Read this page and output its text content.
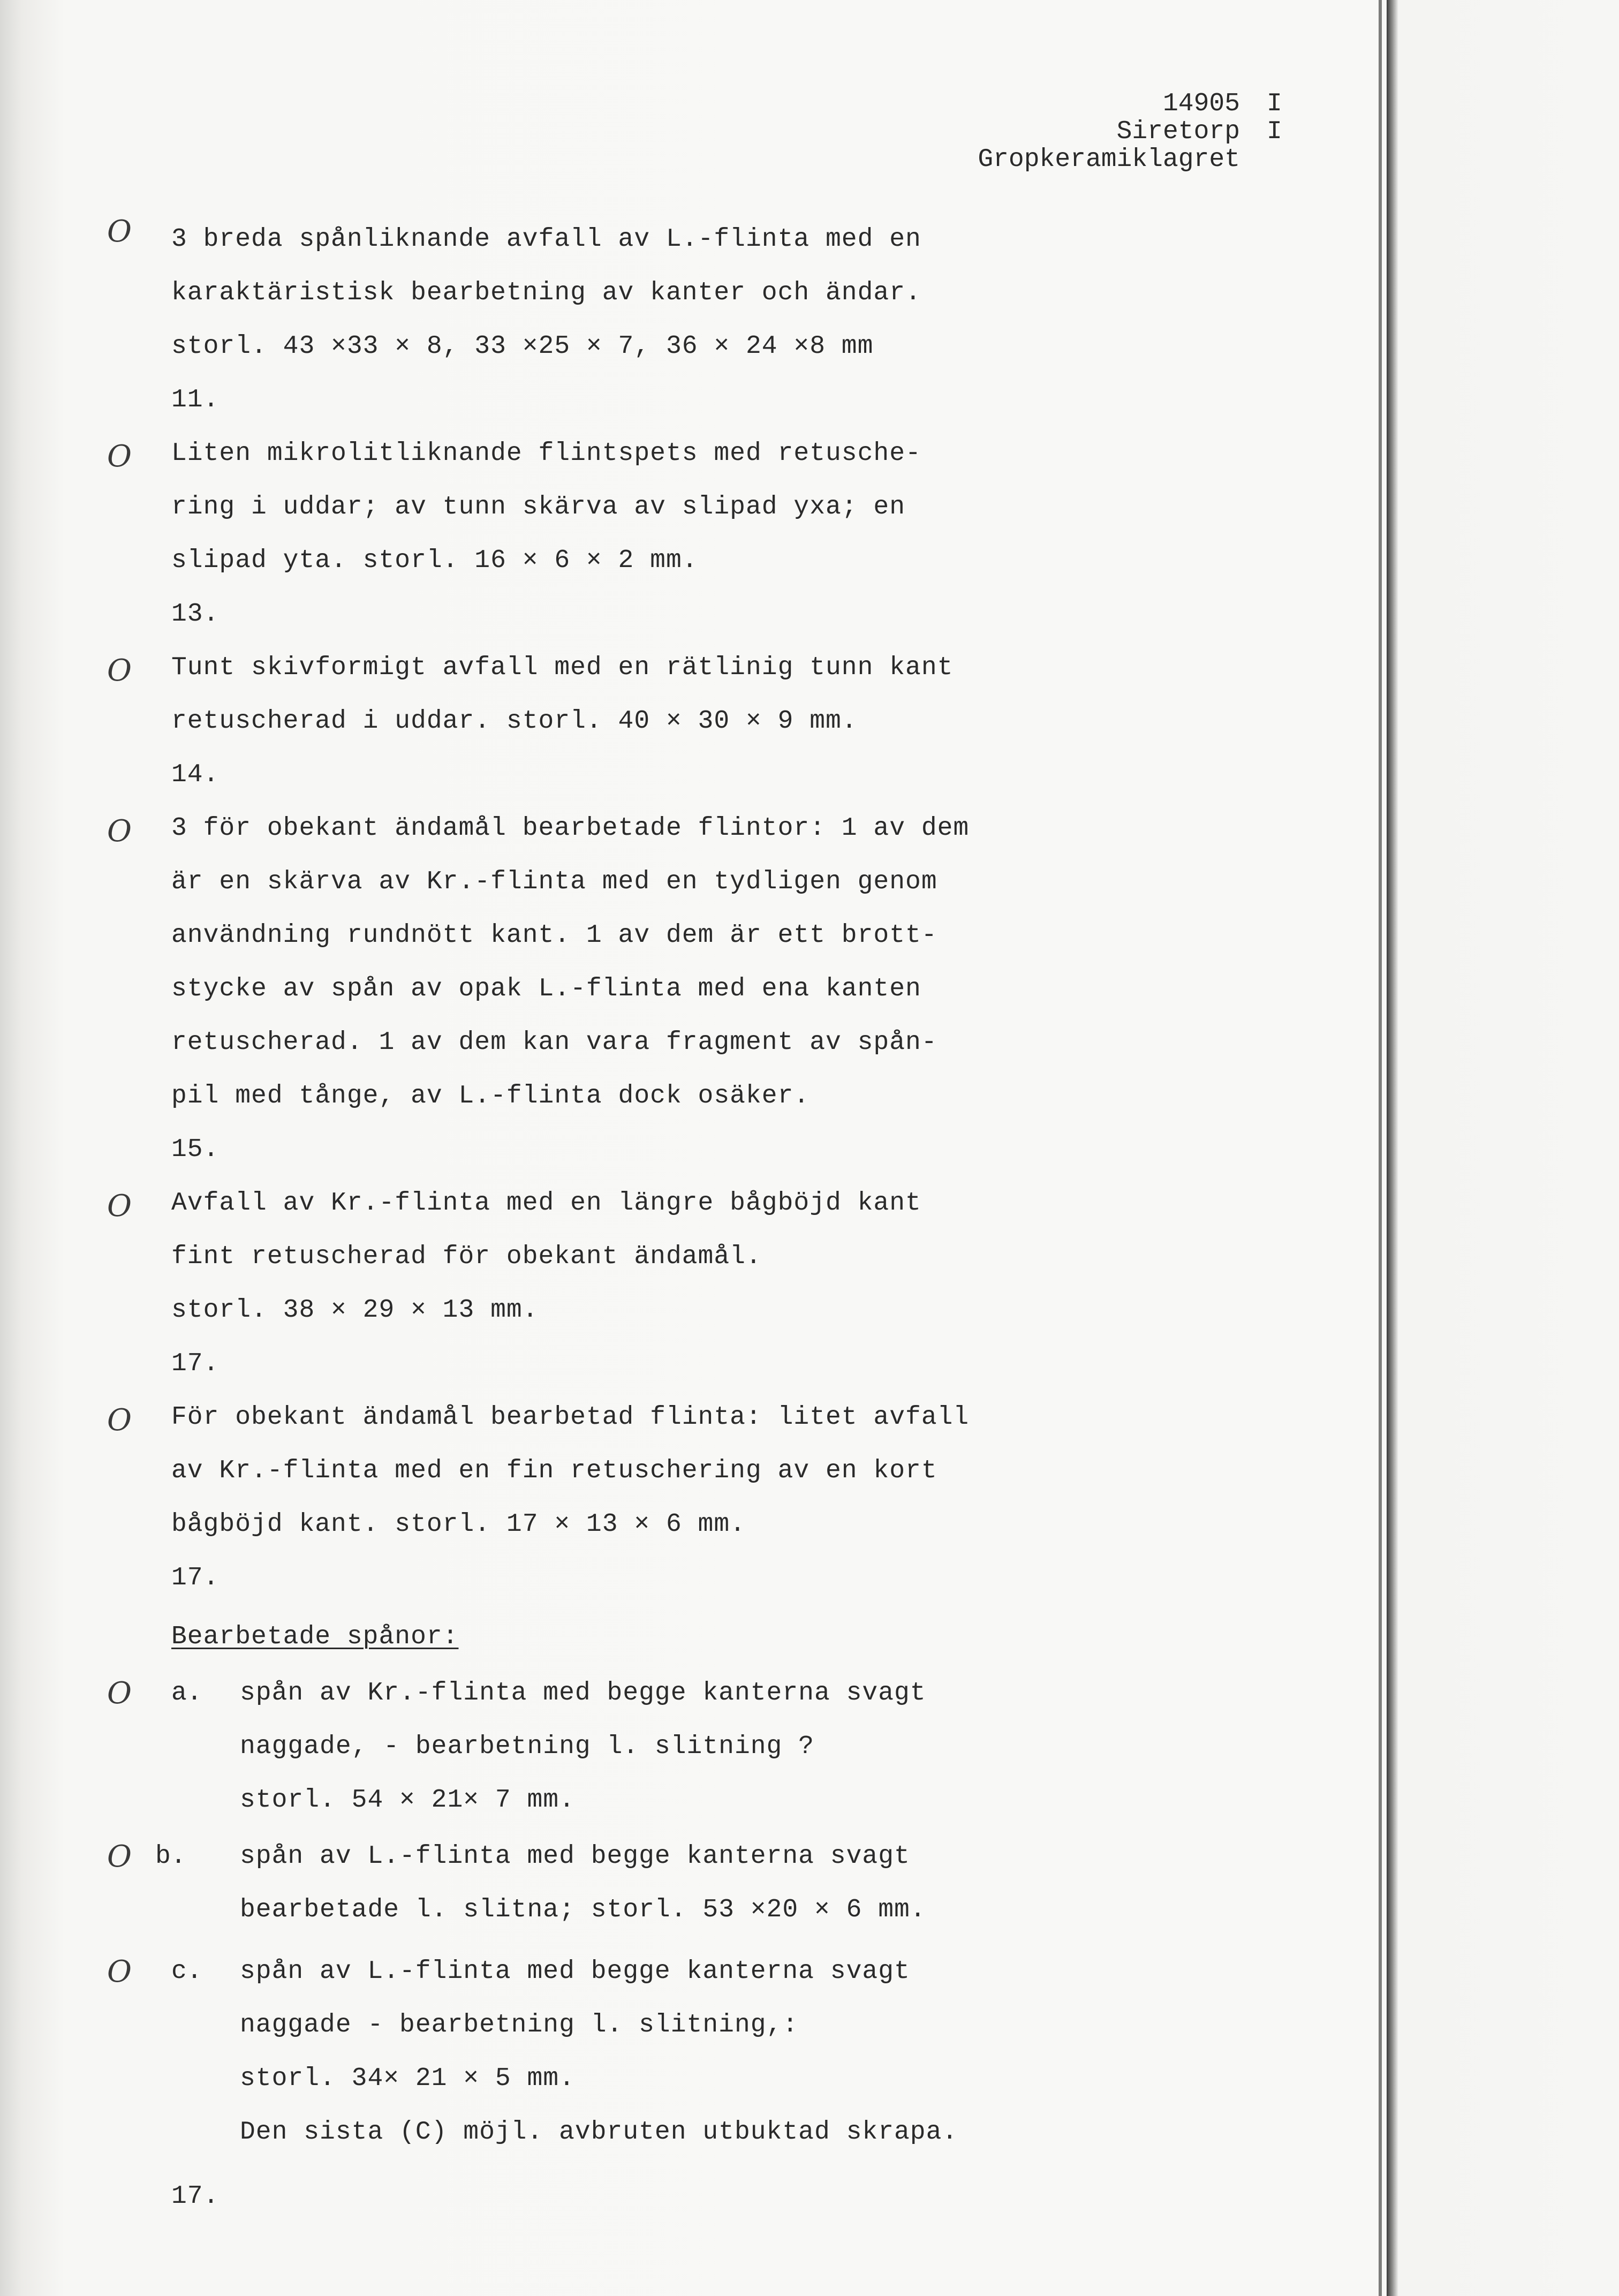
14905 I
Siretorp I
Gropkeramiklagret
O 3 breda spånliknande avfall av L.-flinta med en
karaktäristisk bearbetning av kanter och ändar.
storl. 43 ×33 × 8, 33 ×25 × 7, 36 × 24 ×8 mm
11.
O Liten mikrolitliknande flintspets med retusche-
ring i uddar; av tunn skärva av slipad yxa; en
slipad yta. storl. 16 × 6 × 2 mm.
13.
O Tunt skivformigt avfall med en rätlinig tunn kant
retuscherad i uddar. storl. 40 × 30 × 9 mm.
14.
O 3 för obekant ändamål bearbetade flintor: 1 av dem
är en skärva av Kr.-flinta med en tydligen genom
användning rundnött kant. 1 av dem är ett brott-
stycke av spån av opak L.-flinta med ena kanten
retuscherad. 1 av dem kan vara fragment av spån-
pil med tånge, av L.-flinta dock osäker.
15.
O Avfall av Kr.-flinta med en längre bågböjd kant
fint retuscherad för obekant ändamål.
storl. 38 × 29 × 13 mm.
17.
O För obekant ändamål bearbetad flinta: litet avfall
av Kr.-flinta med en fin retuschering av en kort
bågböjd kant. storl. 17 × 13 × 6 mm.
17.
Bearbetade spånor:
O a. spån av Kr.-flinta med begge kanterna svagt
naggade, - bearbetning l. slitning ?
storl. 54 × 21× 7 mm.
O b. spån av L.-flinta med begge kanterna svagt
bearbetade l. slitna; storl. 53 ×20 × 6 mm.
O c. spån av L.-flinta med begge kanterna svagt
naggade - bearbetning l. slitning,:
storl. 34× 21 × 5 mm.
Den sista (C) möjl. avbruten utbuktad skrapa.
17.
